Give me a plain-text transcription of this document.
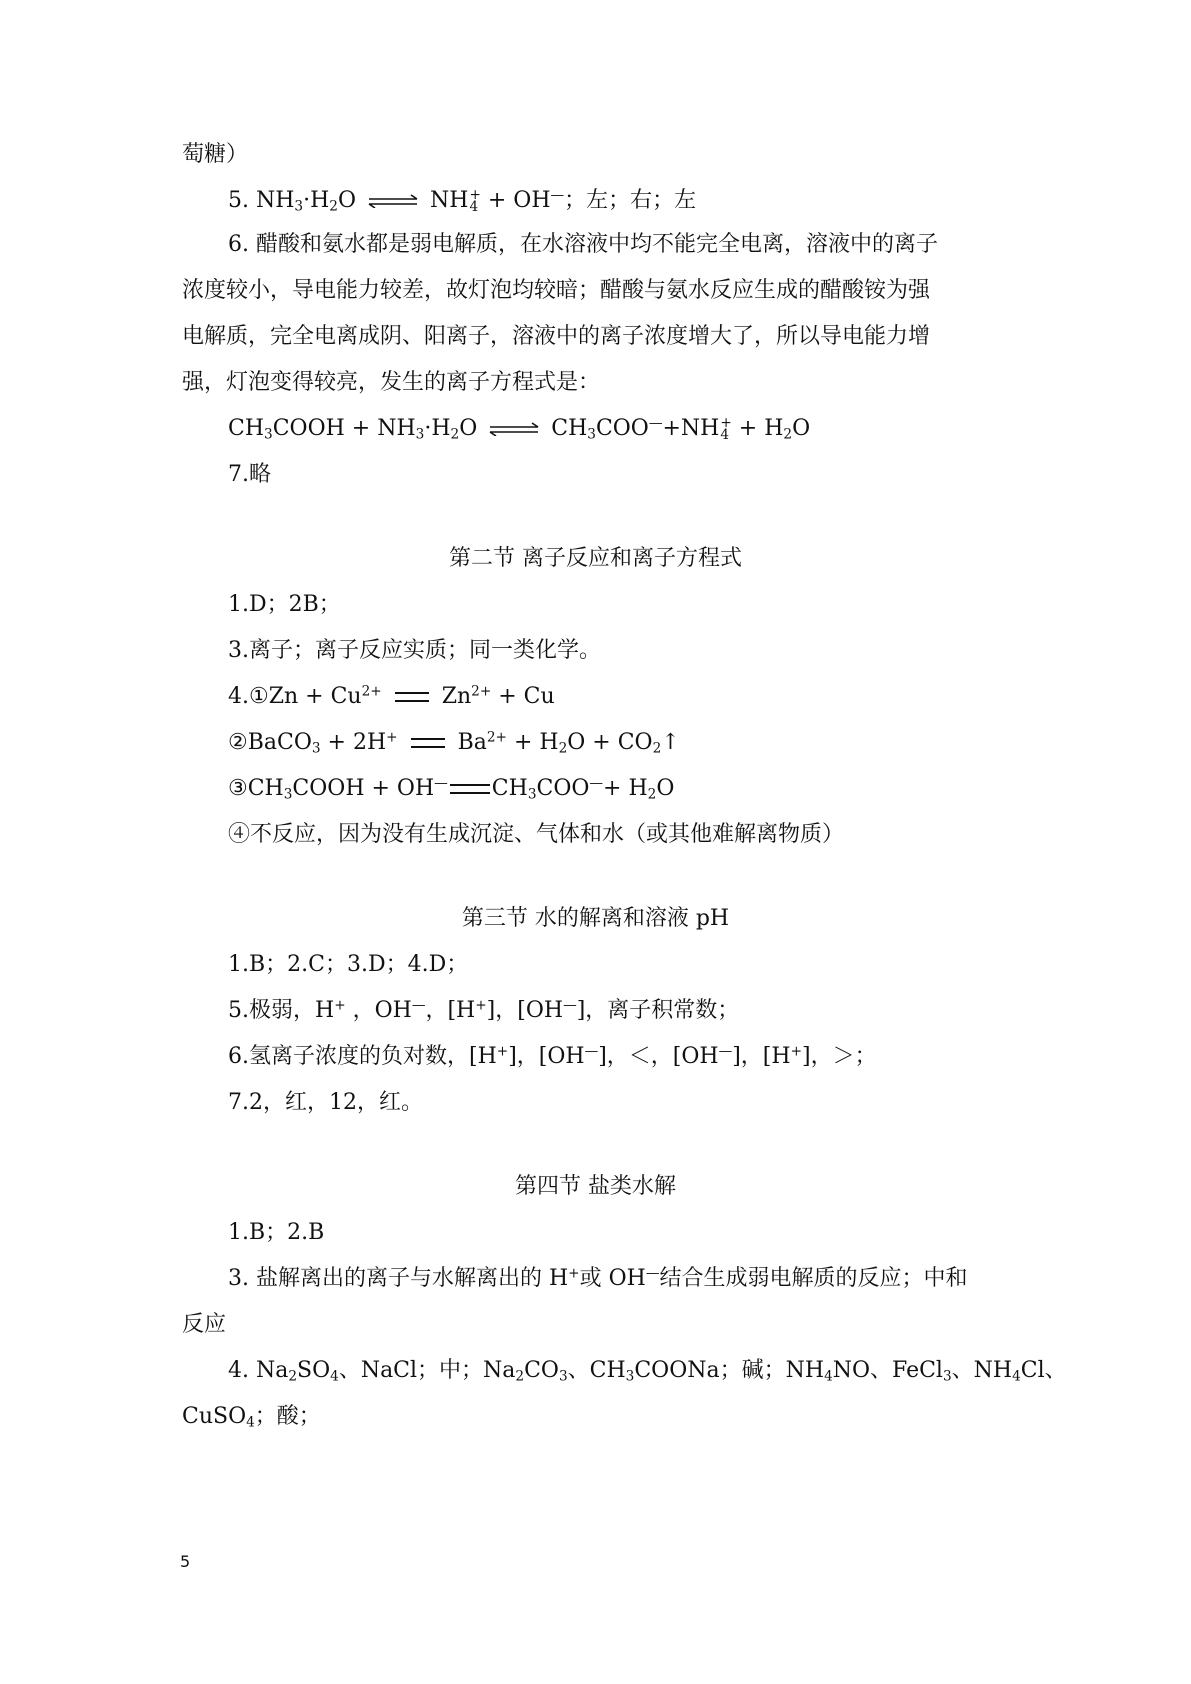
萄糖）
5. $NH_3\cdot H_2O$ ⇌ NH +
4 + OH—；左；右；左
6. 醋酸和氨水都是弱电解质，在水溶液中均不能完全电离，溶液中的离子
浓度较小，导电能力较差，故灯泡均较暗；醋酸与氨水反应生成的醋酸铵为强
电解质，完全电离成阴、阳离子，溶液中的离子浓度增大了，所以导电能力增
强，灯泡变得较亮，发生的离子方程式是：
$CH_3COOH + NH_3\cdot H_2O$ ⇌ $CH_3COO^—+NH$ +
$4 + H_2O$
7.略
第二节 离子反应和离子方程式
1.D；2B；
3.离子；离子反应实质；同一类化学。
4.①Zn + $Cu^{2+}$	$Zn^{2+} + Cu$
②BaCO$_3$ + 2H+	$Ba^{2+} + H_2O$ + $CO_2↑$
$③CH_3COOH + OH^—$ $CH_3COO^—+ H_2O$
④不反应，因为没有生成沉淀、气体和水（或其他难解离物质）
第三节 水的解离和溶液 pH
1.B；2.C；3.D；4.D；
5.极弱，H+ ，OH—，[H+]，[OH—]，离子积常数；
6.氢离子浓度的负对数，[H+]，[OH—]，＜，[OH—]，[H+]，＞；
7.2，红，12，红。
第四节 盐类水解
1.B；2.B
3. 盐解离出的离子与水解离出的 H+或 OH—结合生成弱电解质的反应；中和
反应
4. $Na_2SO_4$、NaCl；中；$Na_2CO_3$、$CH_3COONa$；碱；$NH_4NO$、FeCl$_3$、$NH_4Cl$、
CuSO$_4$；酸；
5
